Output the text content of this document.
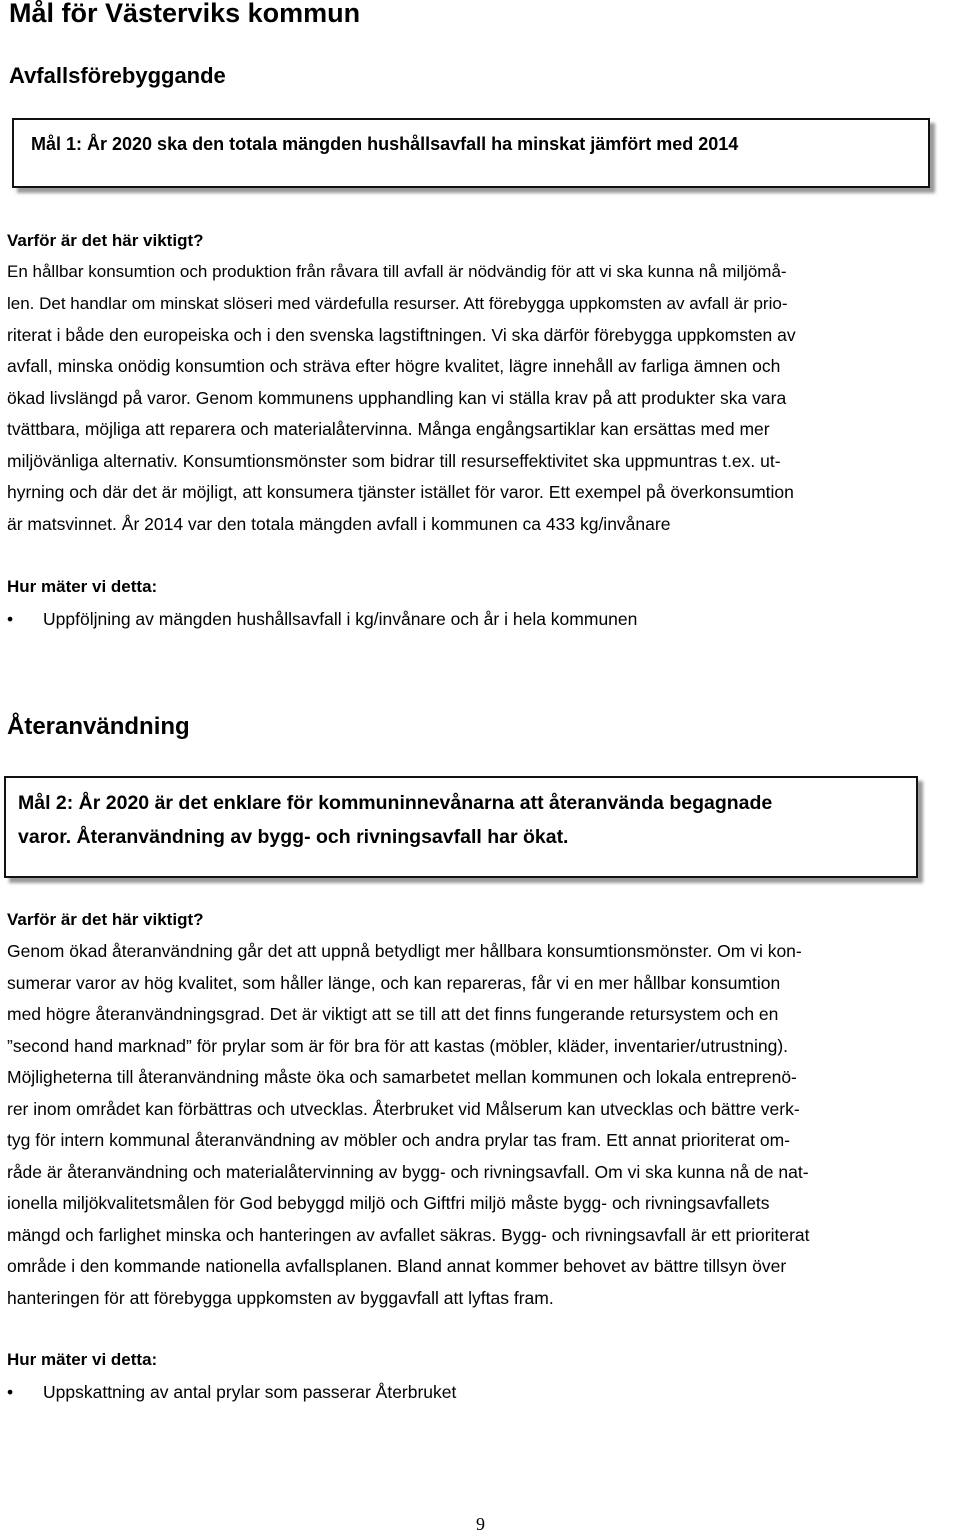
Mål för Västerviks kommun
Avfallsförebyggande
Mål 1: År 2020 ska den totala mängden hushållsavfall ha minskat jämfört med 2014
Varför är det här viktigt?
En hållbar konsumtion och produktion från råvara till avfall är nödvändig för att vi ska kunna nå miljömå-
len. Det handlar om minskat slöseri med värdefulla resurser. Att förebygga uppkomsten av avfall är prio-
riterat i både den europeiska och i den svenska lagstiftningen. Vi ska därför förebygga uppkomsten av
avfall, minska onödig konsumtion och sträva efter högre kvalitet, lägre innehåll av farliga ämnen och
ökad livslängd på varor. Genom kommunens upphandling kan vi ställa krav på att produkter ska vara
tvättbara, möjliga att reparera och materialåtervinna. Många engångsartiklar kan ersättas med mer
miljövänliga alternativ. Konsumtionsmönster som bidrar till resurseffektivitet ska uppmuntras t.ex. ut-
hyrning och där det är möjligt, att konsumera tjänster istället för varor. Ett exempel på överkonsumtion
är matsvinnet. År 2014 var den totala mängden avfall i kommunen ca 433 kg/invånare
Hur mäter vi detta:
• Uppföljning av mängden hushållsavfall i kg/invånare och år i hela kommunen
Återanvändning
Mål 2: År 2020 är det enklare för kommuninnevånarna att återanvända begagnade
varor. Återanvändning av bygg- och rivningsavfall har ökat.
Varför är det här viktigt?
Genom ökad återanvändning går det att uppnå betydligt mer hållbara konsumtionsmönster. Om vi kon-
sumerar varor av hög kvalitet, som håller länge, och kan repareras, får vi en mer hållbar konsumtion
med högre återanvändningsgrad. Det är viktigt att se till att det finns fungerande retursystem och en
”second hand marknad” för prylar som är för bra för att kastas (möbler, kläder, inventarier/utrustning).
Möjligheterna till återanvändning måste öka och samarbetet mellan kommunen och lokala entreprenö-
rer inom området kan förbättras och utvecklas. Återbruket vid Målserum kan utvecklas och bättre verk-
tyg för intern kommunal återanvändning av möbler och andra prylar tas fram. Ett annat prioriterat om-
råde är återanvändning och materialåtervinning av bygg- och rivningsavfall. Om vi ska kunna nå de nat-
ionella miljökvalitetsmålen för God bebyggd miljö och Giftfri miljö måste bygg- och rivningsavfallets
mängd och farlighet minska och hanteringen av avfallet säkras. Bygg- och rivningsavfall är ett prioriterat
område i den kommande nationella avfallsplanen. Bland annat kommer behovet av bättre tillsyn över
hanteringen för att förebygga uppkomsten av byggavfall att lyftas fram.
Hur mäter vi detta:
• Uppskattning av antal prylar som passerar Återbruket
9
